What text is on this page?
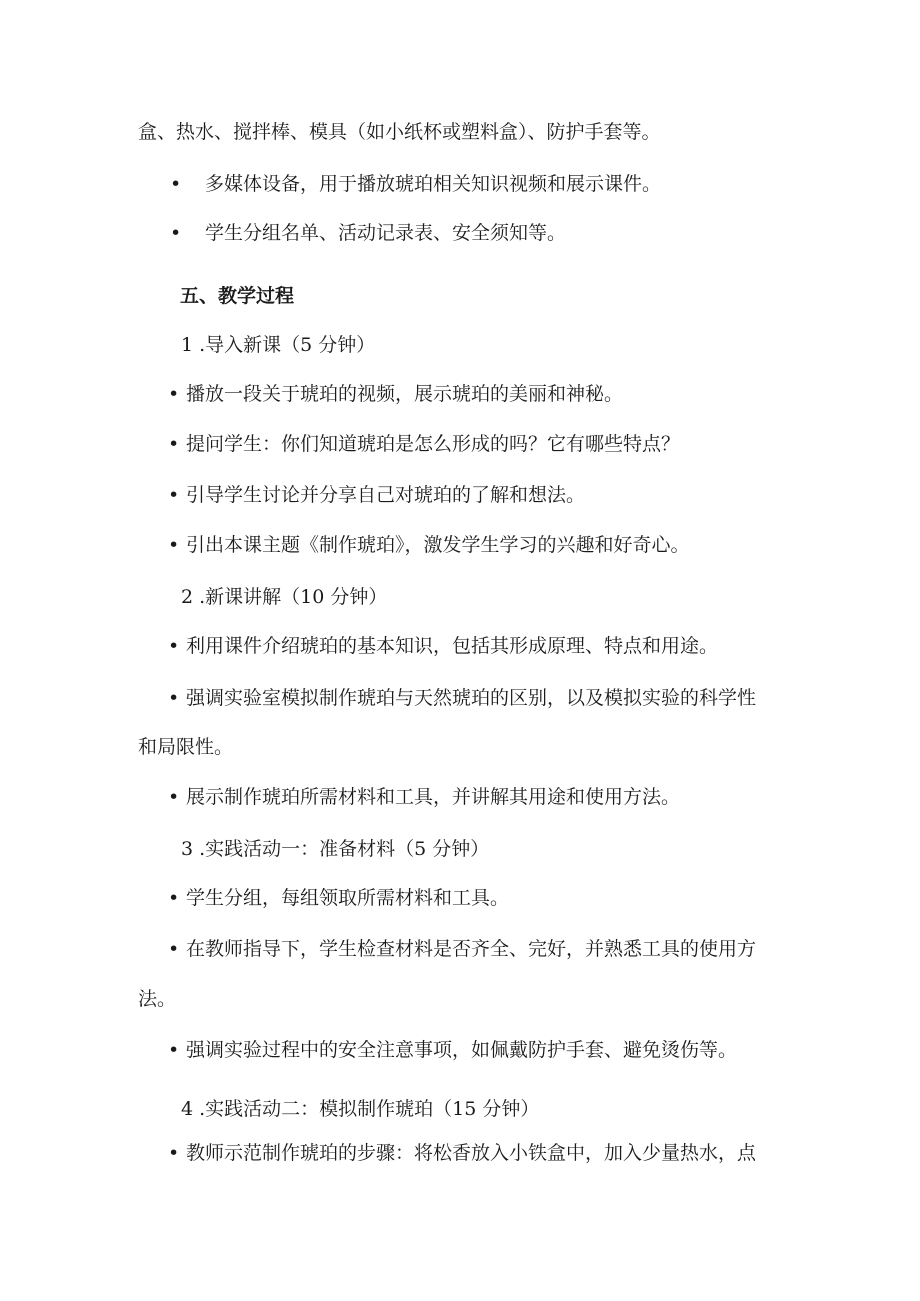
盒、热水、搅拌棒、模具（如小纸杯或塑料盒）、防护手套等。
• 多媒体设备，用于播放琥珀相关知识视频和展示课件。
• 学生分组名单、活动记录表、安全须知等。
五、教学过程
1 .导入新课（5 分钟）
• 播放一段关于琥珀的视频，展示琥珀的美丽和神秘。
• 提问学生：你们知道琥珀是怎么形成的吗？它有哪些特点？
• 引导学生讨论并分享自己对琥珀的了解和想法。
• 引出本课主题《制作琥珀》，激发学生学习的兴趣和好奇心。
2 .新课讲解（10 分钟）
• 利用课件介绍琥珀的基本知识，包括其形成原理、特点和用途。
• 强调实验室模拟制作琥珀与天然琥珀的区别，以及模拟实验的科学性
和局限性。
• 展示制作琥珀所需材料和工具，并讲解其用途和使用方法。
3 .实践活动一：准备材料（5 分钟）
• 学生分组，每组领取所需材料和工具。
• 在教师指导下，学生检查材料是否齐全、完好，并熟悉工具的使用方
法。
• 强调实验过程中的安全注意事项，如佩戴防护手套、避免烫伤等。
4 .实践活动二：模拟制作琥珀（15 分钟）
• 教师示范制作琥珀的步骤：将松香放入小铁盒中，加入少量热水，点
